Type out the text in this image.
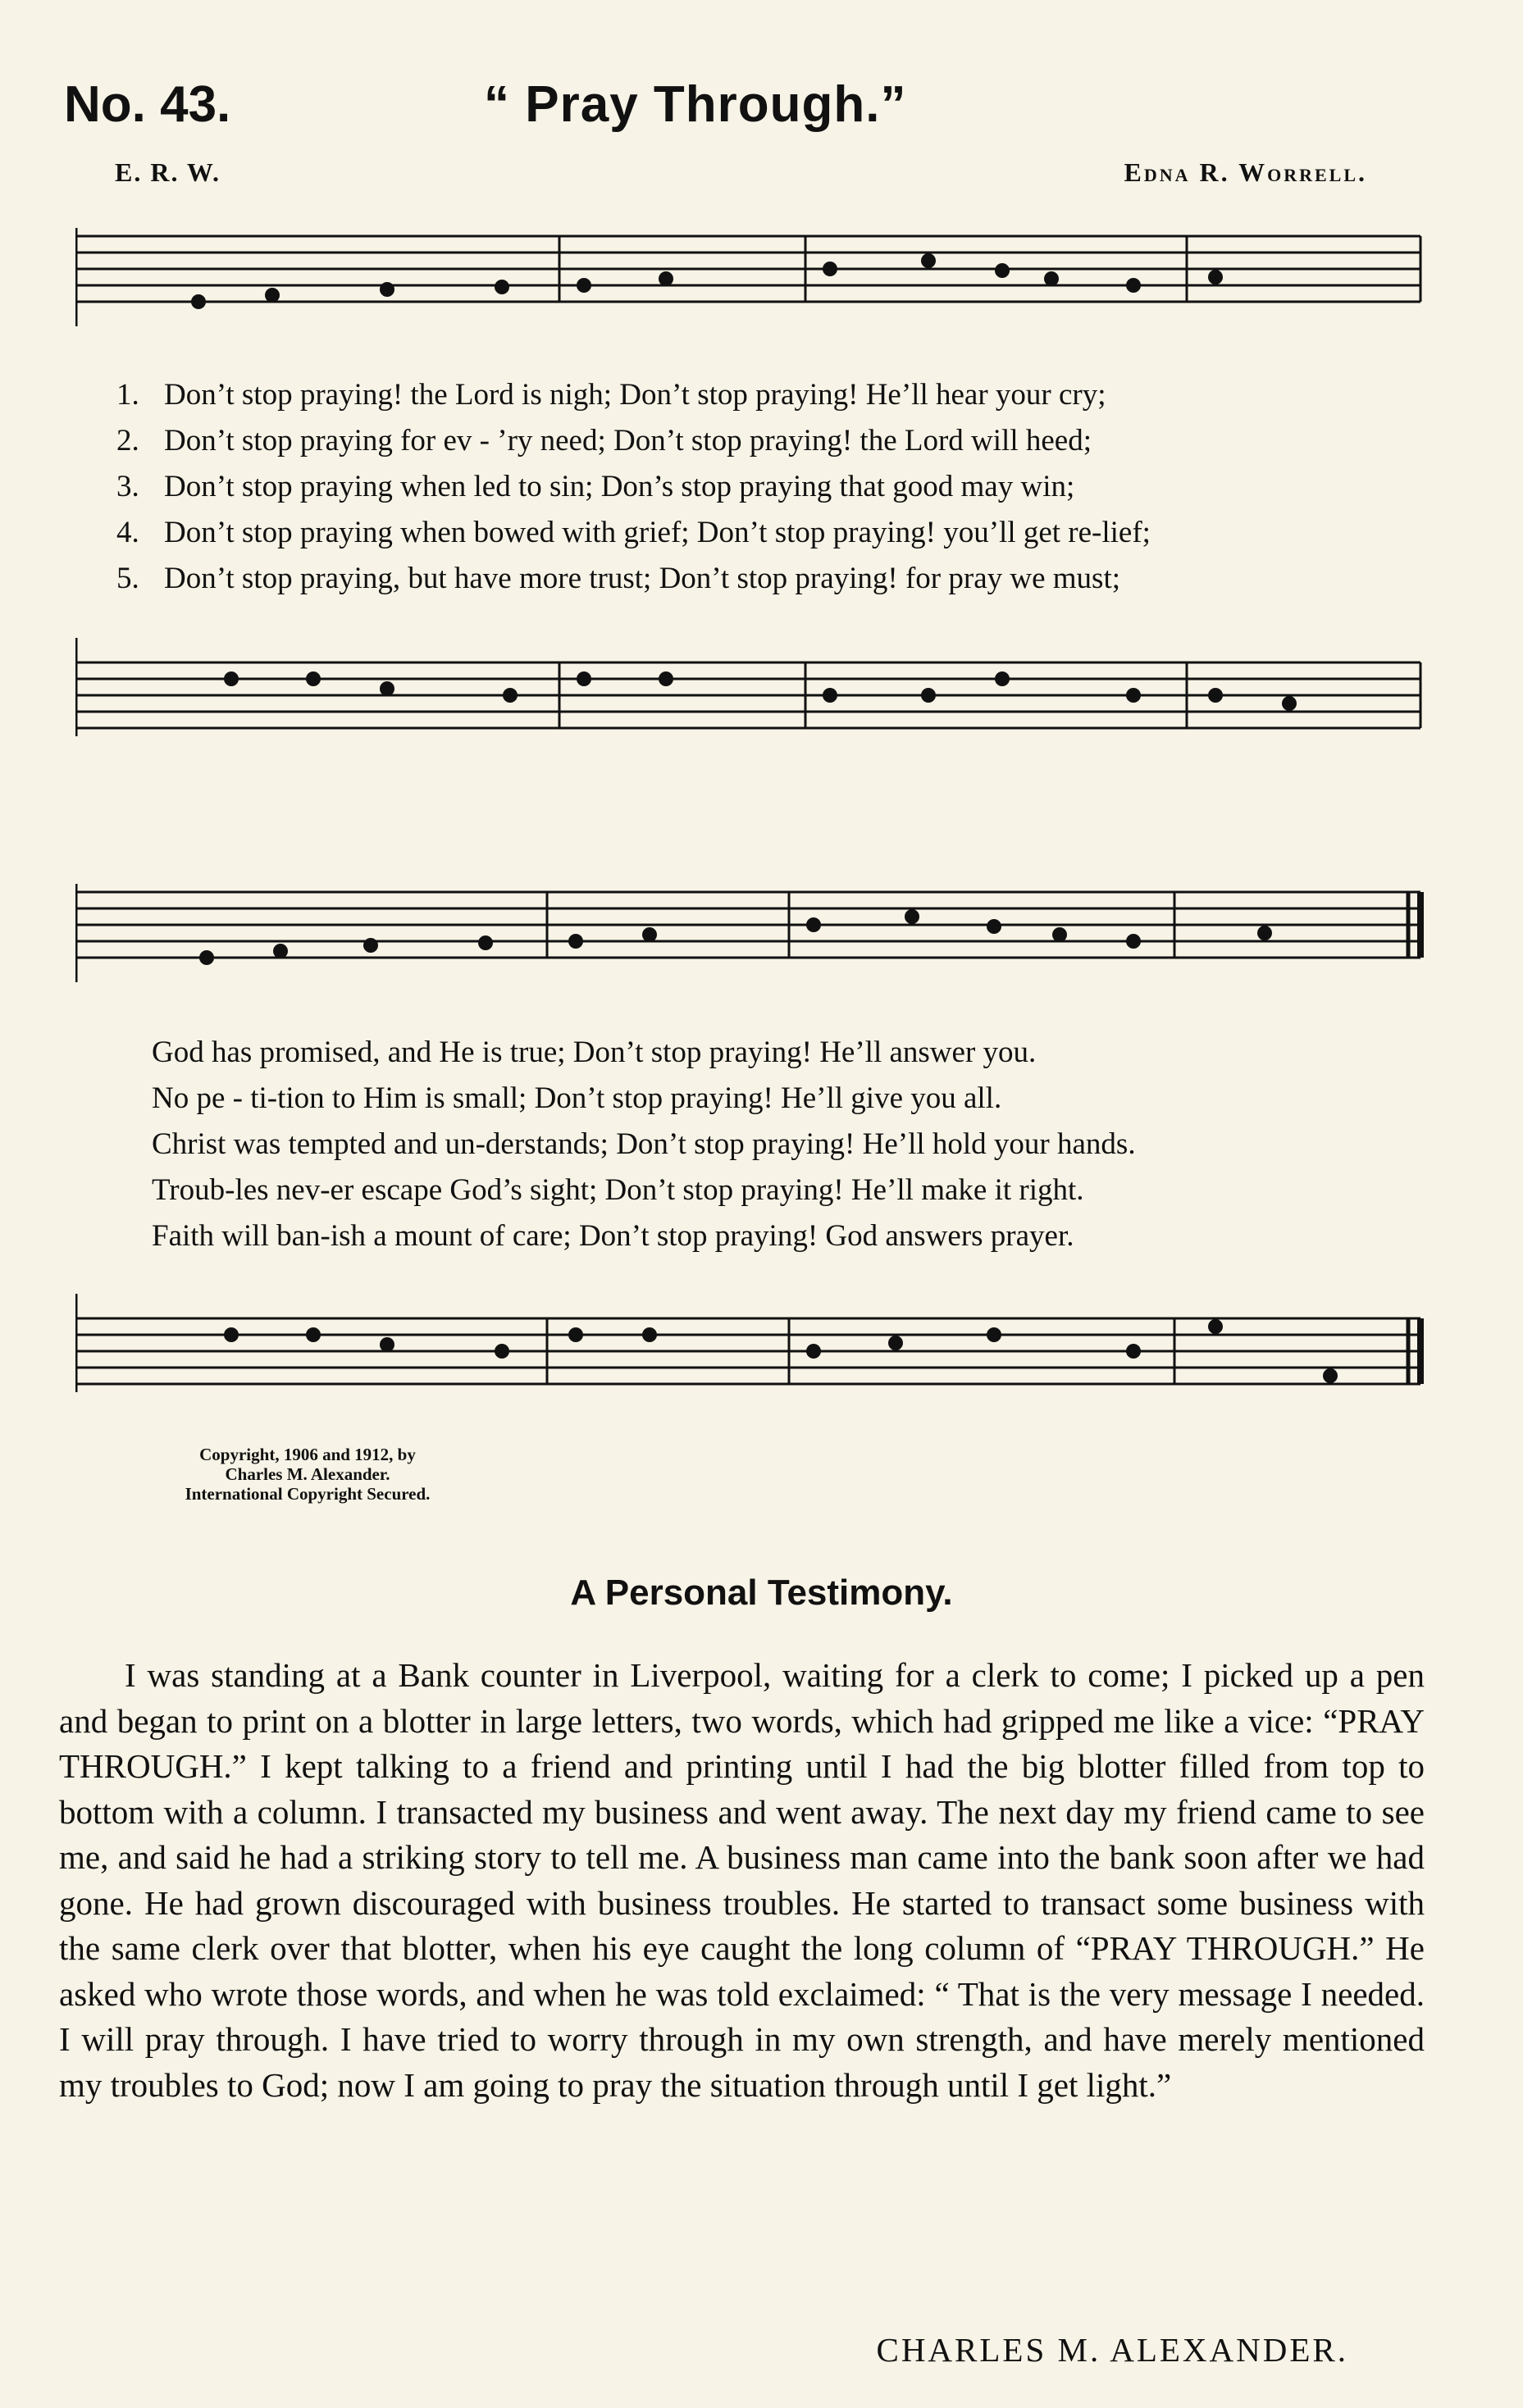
No. 43.	“ Pray Through.”
E. R. W.	Edna R. Worrell.
1. Don’t stop praying! the Lord is nigh; Don’t stop praying! He’ll hear your cry;
2. Don’t stop praying for ev - ’ry need; Don’t stop praying! the Lord will heed;
3. Don’t stop praying when led to sin; Don’s stop praying that good may win;
4. Don’t stop praying when bowed with grief; Don’t stop praying! you’ll get re-lief;
5. Don’t stop praying, but have more trust; Don’t stop praying! for pray we must;
God has promised, and He is true; Don’t stop praying! He’ll answer you.
No pe - ti-tion to Him is small; Don’t stop praying! He’ll give you all.
Christ was tempted and un-derstands; Don’t stop praying! He’ll hold your hands.
Troub-les nev-er escape God’s sight; Don’t stop praying! He’ll make it right.
Faith will ban-ish a mount of care; Don’t stop praying! God answers prayer.
Copyright, 1906 and 1912, by
Charles M. Alexander.
International Copyright Secured.
A Personal Testimony.

I was standing at a Bank counter in Liverpool, waiting for a clerk to come; I picked up a pen and began to print on a blotter in large letters, two words, which had gripped me like a vice: “PRAY THROUGH.” I kept talking to a friend and printing until I had the big blotter filled from top to bottom with a column. I transacted my business and went away. The next day my friend came to see me, and said he had a striking story to tell me. A business man came into the bank soon after we had gone. He had grown discouraged with business troubles. He started to transact some business with the same clerk over that blotter, when his eye caught the long column of “PRAY THROUGH.” He asked who wrote those words, and when he was told exclaimed: “ That is the very message I needed. I will pray through. I have tried to worry through in my own strength, and have merely mentioned my troubles to God; now I am going to pray the situation through until I get light.”

CHARLES M. ALEXANDER.
